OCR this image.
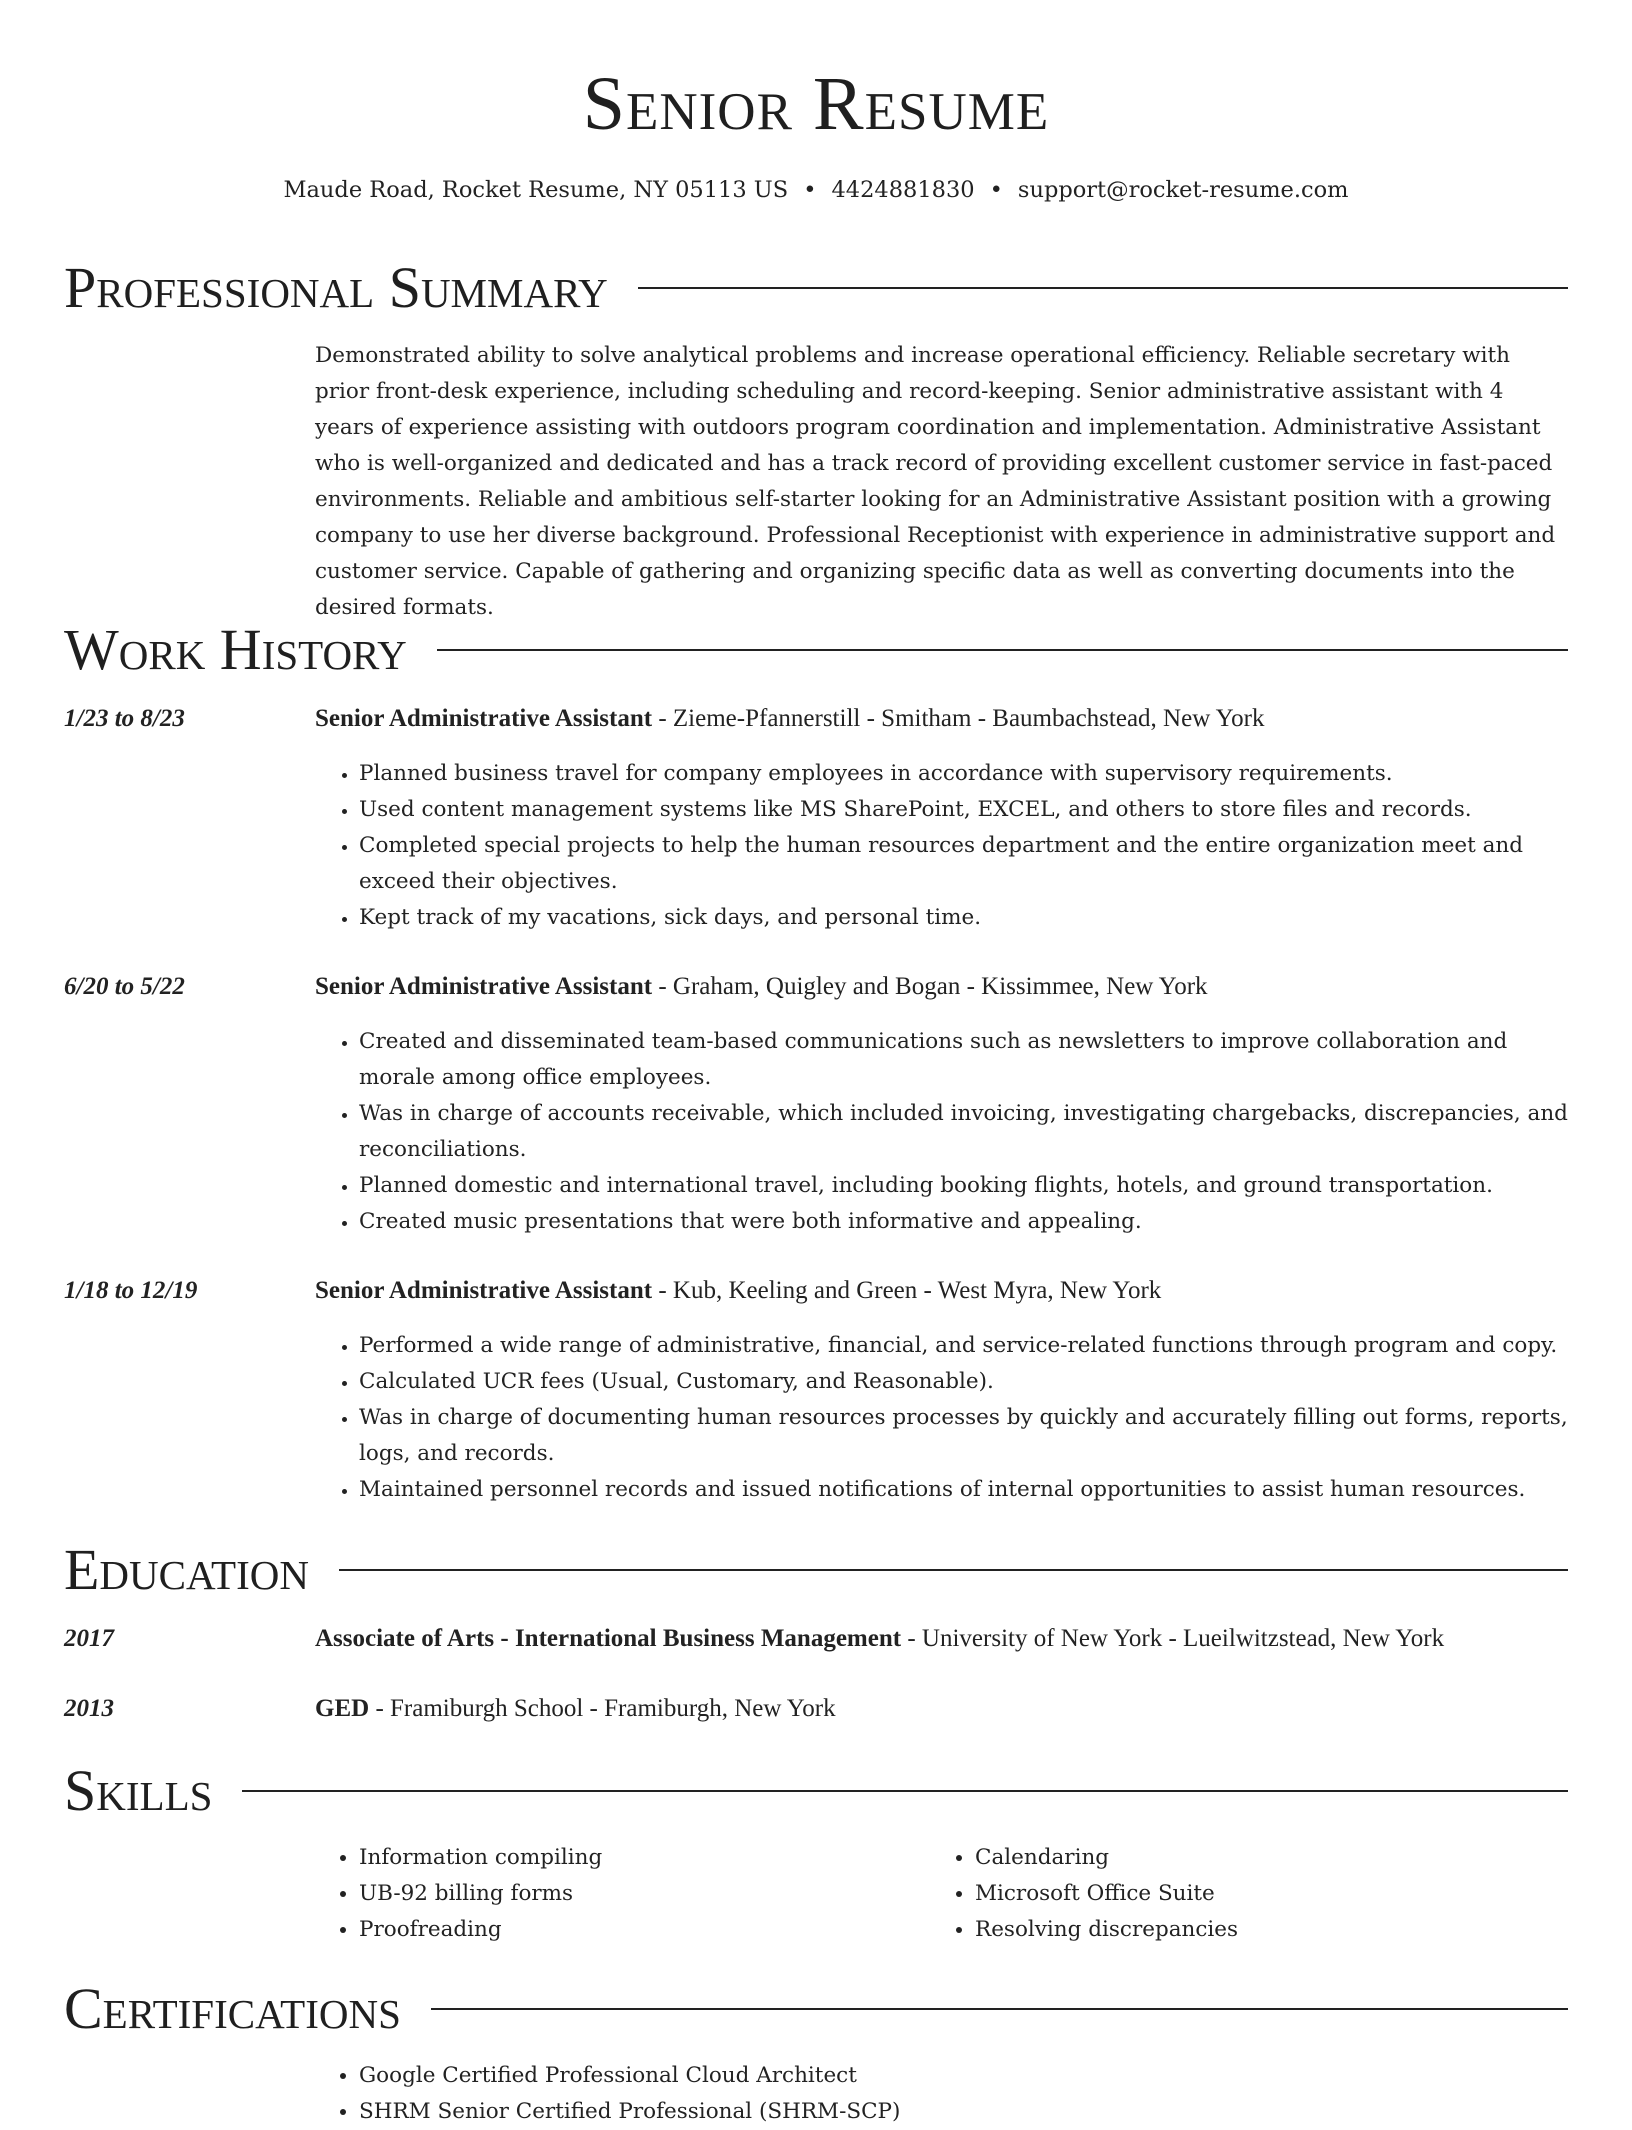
Senior Resume
Maude Road, Rocket Resume, NY 05113 US • 4424881830 • support@rocket-resume.com
Professional Summary

Demonstrated ability to solve analytical problems and increase operational efficiency. Reliable secretary with prior front-desk experience, including scheduling and record-keeping. Senior administrative assistant with 4 years of experience assisting with outdoors program coordination and implementation. Administrative Assistant who is well-organized and dedicated and has a track record of providing excellent customer service in fast-paced environments. Reliable and ambitious self-starter looking for an Administrative Assistant position with a growing company to use her diverse background. Professional Receptionist with experience in administrative support and customer service. Capable of gathering and organizing specific data as well as converting documents into the desired formats.

Work History
1/23 to 8/23	Senior Administrative Assistant - Zieme-Pfannerstill - Smitham - Baumbachstead, New York
• Planned business travel for company employees in accordance with supervisory requirements.
• Used content management systems like MS SharePoint, EXCEL, and others to store files and records.
• Completed special projects to help the human resources department and the entire organization meet and exceed their objectives.
• Kept track of my vacations, sick days, and personal time.
6/20 to 5/22	Senior Administrative Assistant - Graham, Quigley and Bogan - Kissimmee, New York
• Created and disseminated team-based communications such as newsletters to improve collaboration and morale among office employees.
• Was in charge of accounts receivable, which included invoicing, investigating chargebacks, discrepancies, and reconciliations.
• Planned domestic and international travel, including booking flights, hotels, and ground transportation.
• Created music presentations that were both informative and appealing.
1/18 to 12/19	Senior Administrative Assistant - Kub, Keeling and Green - West Myra, New York
• Performed a wide range of administrative, financial, and service-related functions through program and copy.
• Calculated UCR fees (Usual, Customary, and Reasonable).
• Was in charge of documenting human resources processes by quickly and accurately filling out forms, reports, logs, and records.
• Maintained personnel records and issued notifications of internal opportunities to assist human resources.
Education
2017	Associate of Arts - International Business Management - University of New York - Lueilwitzstead, New York
2013	GED - Framiburgh School - Framiburgh, New York
Skills
• Information compiling
• UB-92 billing forms
• Proofreading
• Calendaring
• Microsoft Office Suite
• Resolving discrepancies
Certifications
• Google Certified Professional Cloud Architect
• SHRM Senior Certified Professional (SHRM-SCP)
